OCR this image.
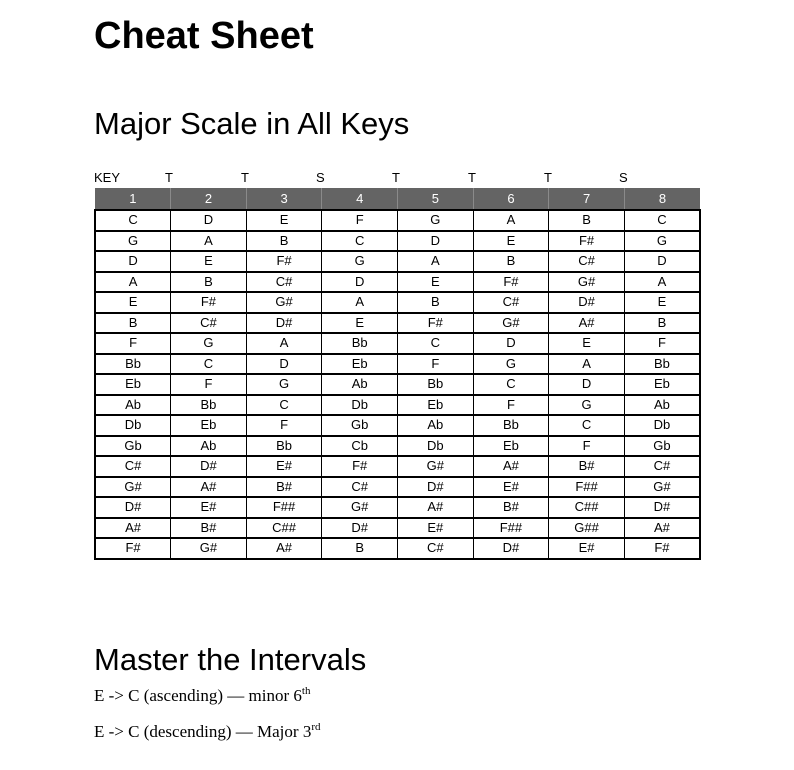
Cheat Sheet
Major Scale in All Keys
KEY	T	T	S	T	T	T	S
1	2	3	4	5	6	7	8
C	D	E	F	G	A	B	C
G	A	B	C	D	E	F#	G
D	E	F#	G	A	B	C#	D
A	B	C#	D	E	F#	G#	A
E	F#	G#	A	B	C#	D#	E
B	C#	D#	E	F#	G#	A#	B
F	G	A	Bb	C	D	E	F
Bb	C	D	Eb	F	G	A	Bb
Eb	F	G	Ab	Bb	C	D	Eb
Ab	Bb	C	Db	Eb	F	G	Ab
Db	Eb	F	Gb	Ab	Bb	C	Db
Gb	Ab	Bb	Cb	Db	Eb	F	Gb
C#	D#	E#	F#	G#	A#	B#	C#
G#	A#	B#	C#	D#	E#	F##	G#
D#	E#	F##	G#	A#	B#	C##	D#
A#	B#	C##	D#	E#	F##	G##	A#
F#	G#	A#	B	C#	D#	E#	F#
Master the Intervals

E -> C (ascending) — minor 6th

E -> C (descending) — Major 3rd
